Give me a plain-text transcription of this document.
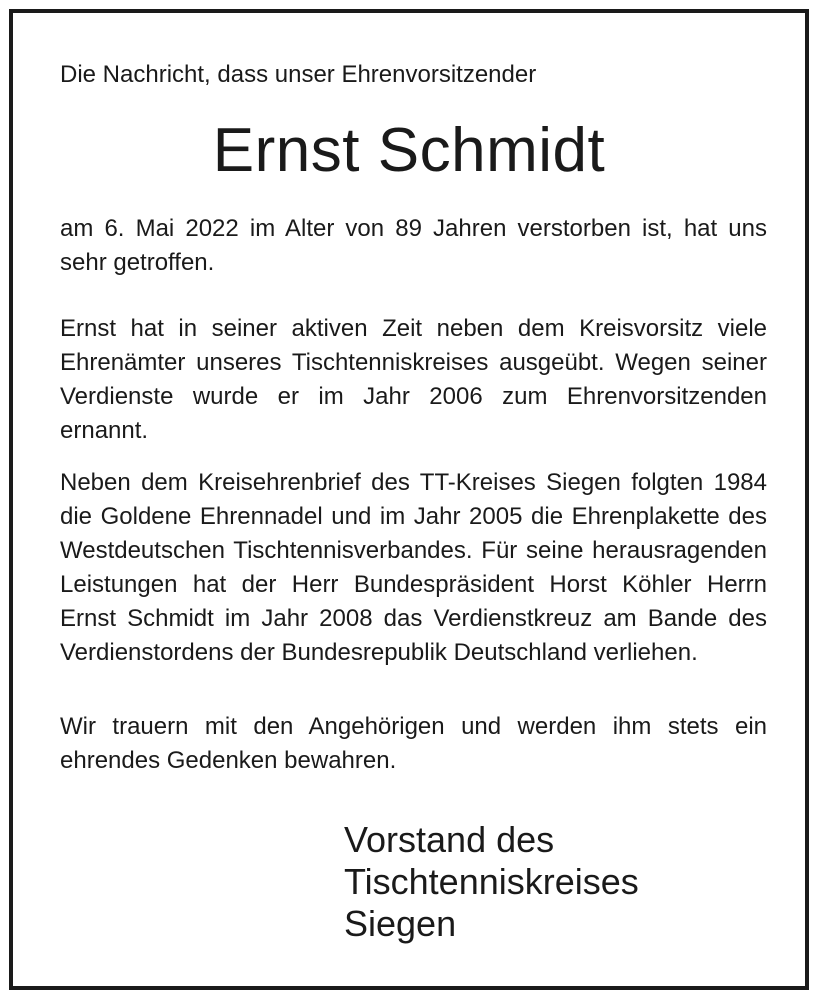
Die Nachricht, dass unser Ehrenvorsitzender

Ernst Schmidt

am 6. Mai 2022 im Alter von 89 Jahren verstorben ist, hat uns sehr getroffen.

Ernst hat in seiner aktiven Zeit neben dem Kreisvorsitz viele Ehrenämter unseres Tischtenniskreises ausgeübt. Wegen seiner Verdienste wurde er im Jahr 2006 zum Ehrenvorsitzenden ernannt.

Neben dem Kreisehrenbrief des TT-Kreises Siegen folgten 1984 die Goldene Ehrennadel und im Jahr 2005 die Ehrenplakette des Westdeutschen Tischtennisverbandes. Für seine herausragenden Leistungen hat der Herr Bundespräsident Horst Köhler Herrn Ernst Schmidt im Jahr 2008 das Verdienstkreuz am Bande des Verdienstordens der Bundesrepublik Deutschland verliehen.

Wir trauern mit den Angehörigen und werden ihm stets ein ehrendes Gedenken bewahren.

Vorstand des
Tischtenniskreises
Siegen
